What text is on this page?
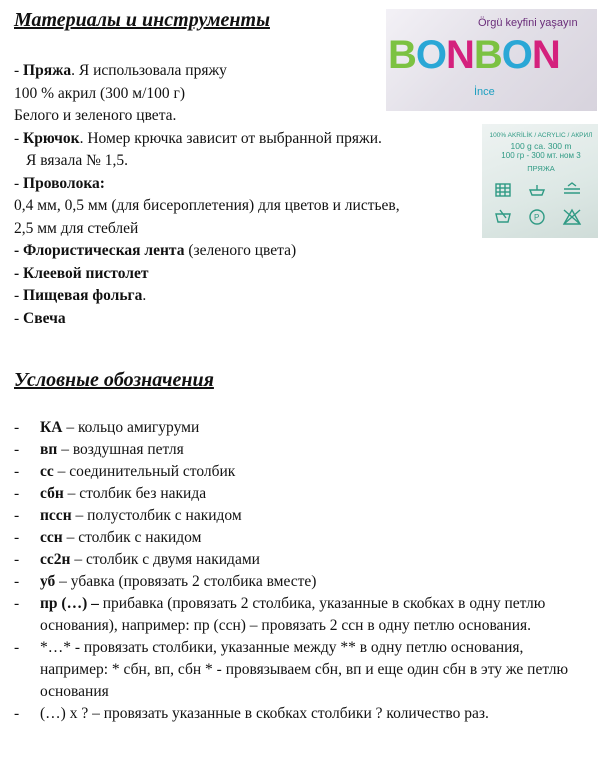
Материалы и инструменты
- Пряжа. Я использовала пряжу
100 % акрил (300 м/100 г)
Белого и зеленого цвета.
- Крючок. Номер крючка зависит от выбранной пряжи.
Я вязала № 1,5.
- Проволока:
0,4 мм, 0,5 мм (для бисероплетения) для цветов и листьев,
2,5 мм для стеблей
- Флористическая лента (зеленого цвета)
- Клеевой пистолет
- Пищевая фольга.
- Свеча
Örgü keyfini yaşayın
BONBON
İnce
100% AKRİLİK / ACRYLIC / АКРИЛ
100 g ca. 300 m
100 гр - 300 мт. ном 3
ПРЯЖА
P
Условные обозначения
-	КА – кольцо амигуруми
-	вп – воздушная петля
-	сс – соединительный столбик
-	сбн – столбик без накида
-	пссн – полустолбик с накидом
-	ссн – столбик с накидом
-	сс2н – столбик с двумя накидами
-	уб – убавка (провязать 2 столбика вместе)
-	пр (…) – прибавка (провязать 2 столбика, указанные в скобках в одну петлю основания), например: пр (ссн) – провязать 2 ссн в одну петлю основания.
-	*…* - провязать столбики, указанные между ** в одну петлю основания, например: * сбн, вп, сбн * - провязываем сбн, вп и еще один сбн в эту же петлю основания
-	(…) х ? – провязать указанные в скобках столбики ? количество раз.
